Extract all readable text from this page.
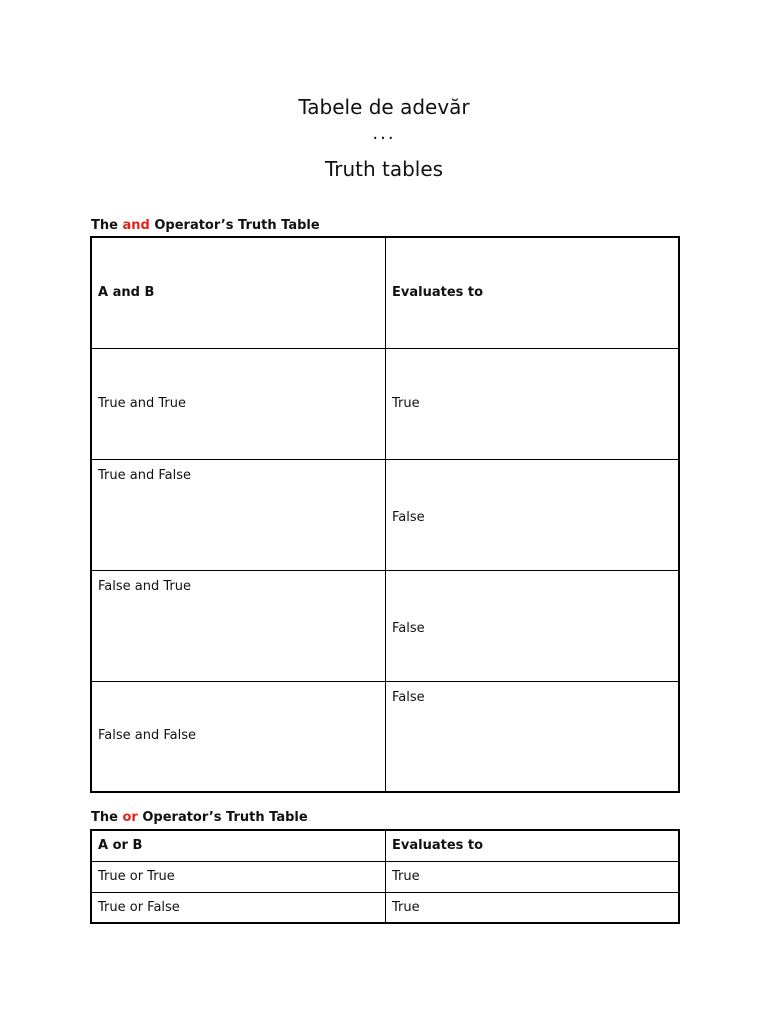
Tabele de adevăr
...
Truth tables
The and Operator’s Truth Table
A and B	Evaluates to
True and True	True
True and False	False
False and True	False
False and False	False
The or Operator’s Truth Table
A or B	Evaluates to
True or True	True
True or False	True
